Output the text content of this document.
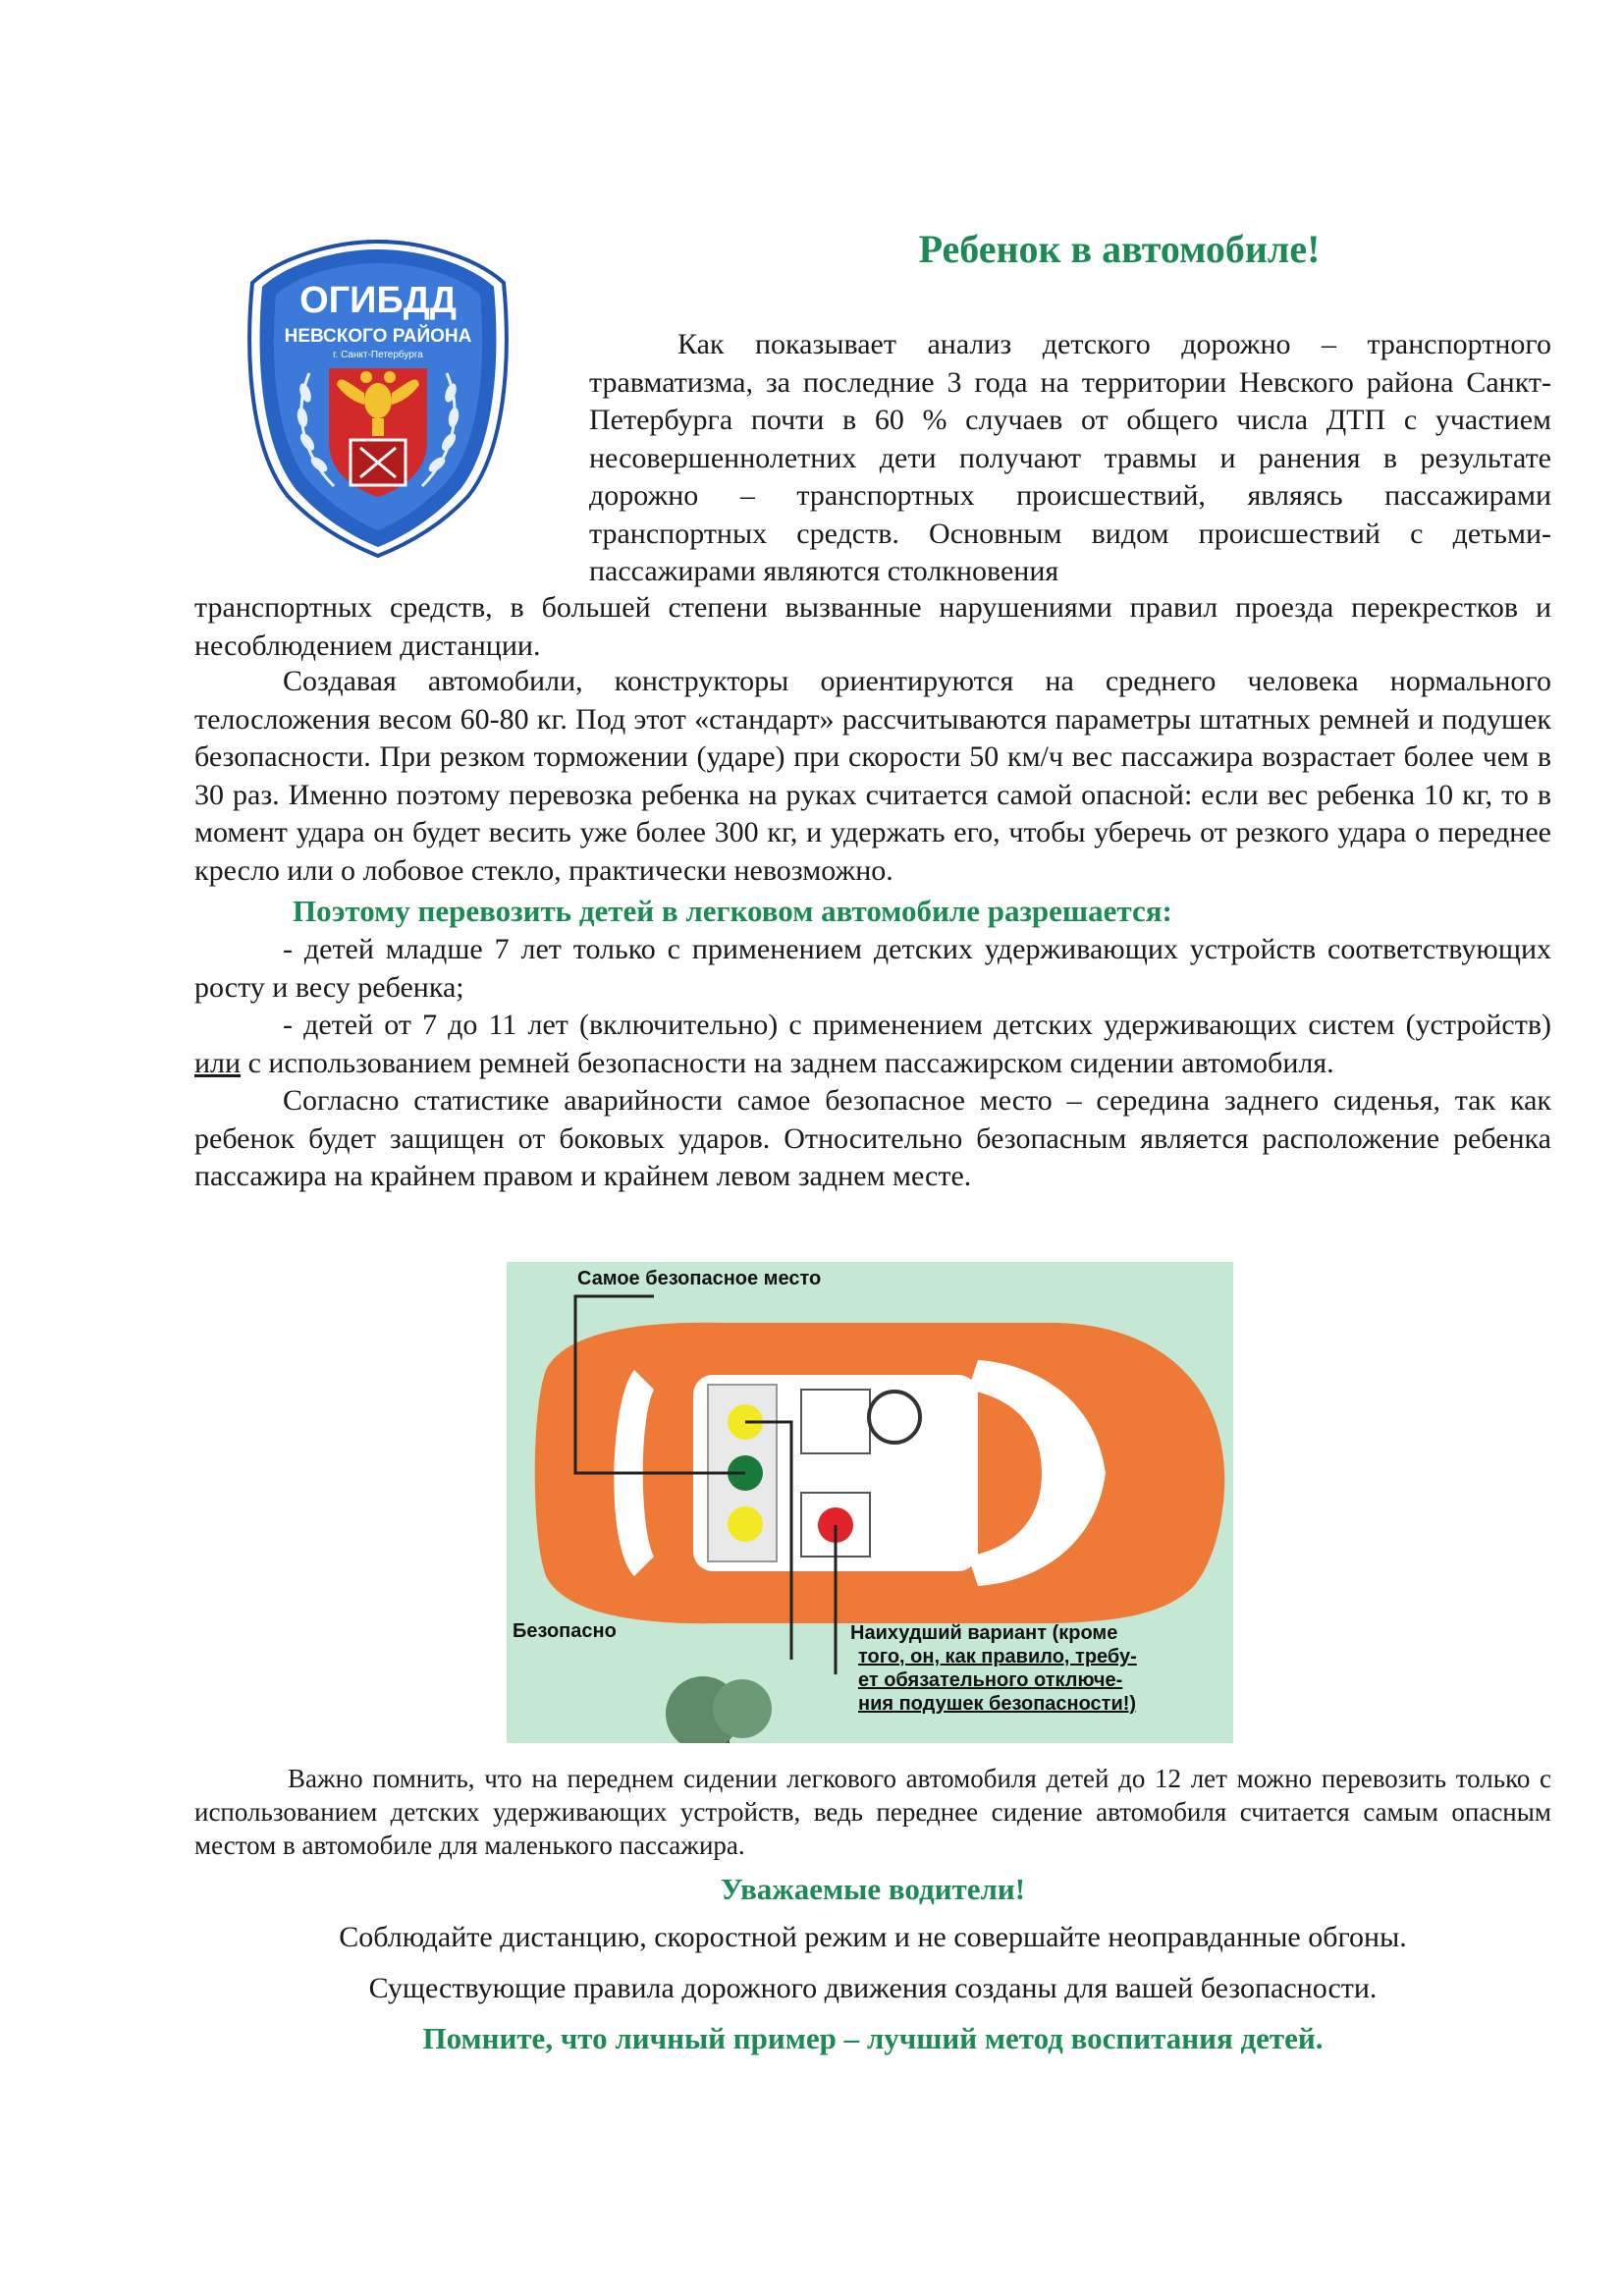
ОГИБДД
НЕВСКОГО РАЙОНА
г. Санкт-Петербурга
Ребенок в автомобиле!

Как показывает анализ детского дорожно – транспортного травматизма, за последние 3 года на территории Невского района Санкт-Петербурга почти в 60 % случаев от общего числа ДТП с участием несовершеннолетних дети получают травмы и ранения в результате дорожно – транспортных происшествий, являясь пассажирами транспортных средств. Основным видом происшествий с детьми- пассажирами являются столкновения

транспортных средств, в большей степени вызванные нарушениями правил проезда перекрестков и несоблюдением дистанции.

Создавая автомобили, конструкторы ориентируются на среднего человека нормального телосложения весом 60-80 кг. Под этот «стандарт» рассчитываются параметры штатных ремней и подушек безопасности. При резком торможении (ударе) при скорости 50 км/ч вес пассажира возрастает более чем в 30 раз. Именно поэтому перевозка ребенка на руках считается самой опасной: если вес ребенка 10 кг, то в момент удара он будет весить уже более 300 кг, и удержать его, чтобы уберечь от резкого удара о переднее кресло или о лобовое стекло, практически невозможно.

Поэтому перевозить детей в легковом автомобиле разрешается:

- детей младше 7 лет только с применением детских удерживающих устройств соответствующих росту и весу ребенка;

- детей от 7 до 11 лет (включительно) с применением детских удерживающих систем (устройств) или с использованием ремней безопасности на заднем пассажирском сидении автомобиля.

Согласно статистике аварийности самое безопасное место – середина заднего сиденья, так как ребенок будет защищен от боковых ударов. Относительно безопасным является расположение ребенка пассажира на крайнем правом и крайнем левом заднем месте.

Самое безопасное место
Безопасно	Наихудший вариант (кроме
того, он, как правило, требу-
ет обязательного отключе-
ния подушек безопасности!)

Важно помнить, что на переднем сидении легкового автомобиля детей до 12 лет можно перевозить только с использованием детских удерживающих устройств, ведь переднее сидение автомобиля считается самым опасным местом в автомобиле для маленького пассажира.

Уважаемые водители!

Соблюдайте дистанцию, скоростной режим и не совершайте неоправданные обгоны.

Существующие правила дорожного движения созданы для вашей безопасности.

Помните, что личный пример – лучший метод воспитания детей.
